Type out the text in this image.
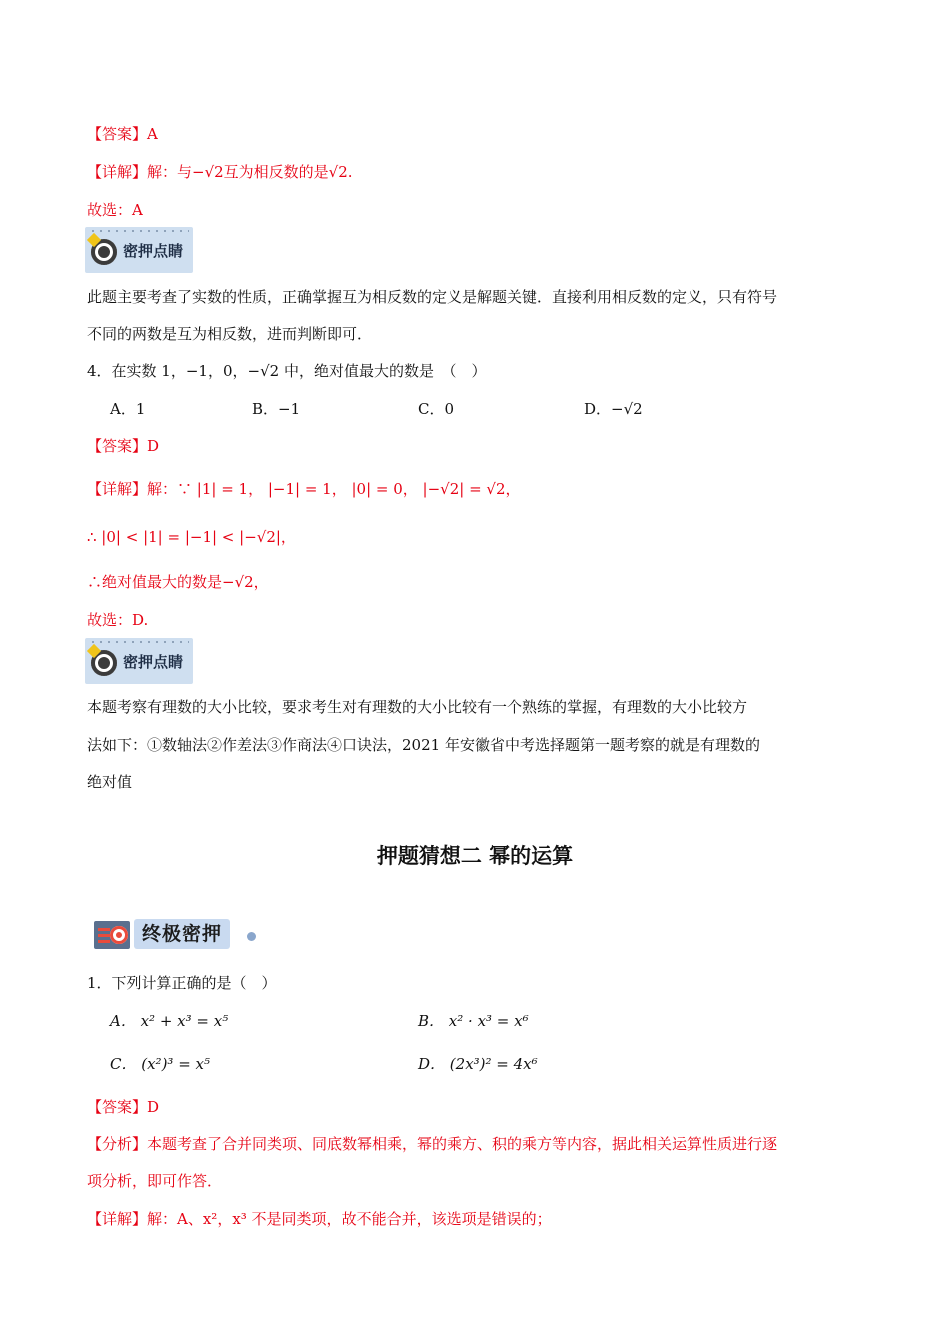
【答案】A
【详解】解：与−√2互为相反数的是√2.
故选：A
密押点睛
此题主要考查了实数的性质，正确掌握互为相反数的定义是解题关键．直接利用相反数的定义，只有符号
不同的两数是互为相反数，进而判断即可．
4．在实数 1，−1，0，−√2 中，绝对值最大的数是　（　）
A．1	B．−1	C．0	D．−√2
【答案】D
【详解】解：∵ |1| = 1， |−1| = 1， |0| = 0， |−√2| = √2，
∴ |0| < |1| = |−1| < |−√2|，
∴绝对值最大的数是−√2，
故选：D.
密押点睛
本题考察有理数的大小比较，要求考生对有理数的大小比较有一个熟练的掌握，有理数的大小比较方
法如下：①数轴法②作差法③作商法④口诀法，2021 年安徽省中考选择题第一题考察的就是有理数的
绝对值
押题猜想二 幂的运算
终极密押
1．下列计算正确的是（　）
A． x² + x³ = x⁵	B． x² · x³ = x⁶
C． (x²)³ = x⁵	D． (2x³)² = 4x⁶
【答案】D
【分析】本题考查了合并同类项、同底数幂相乘，幂的乘方、积的乘方等内容，据此相关运算性质进行逐
项分析，即可作答．
【详解】解：A、x²，x³ 不是同类项，故不能合并，该选项是错误的；
